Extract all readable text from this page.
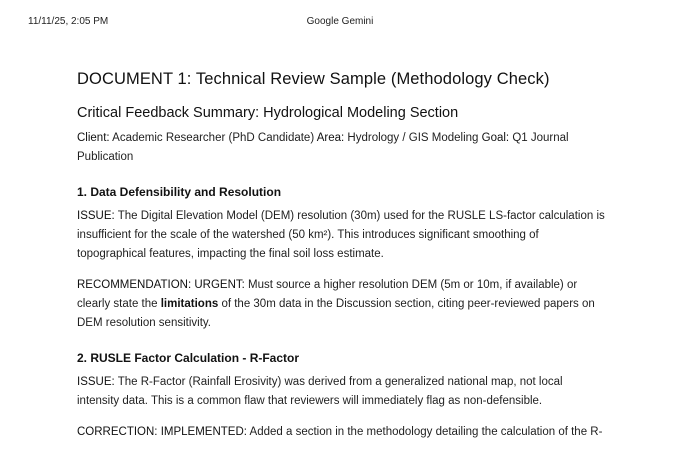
11/11/25, 2:05 PM	Google Gemini
DOCUMENT 1: Technical Review Sample (Methodology Check)
Critical Feedback Summary: Hydrological Modeling Section

Client: Academic Researcher (PhD Candidate) Area: Hydrology / GIS Modeling Goal: Q1 Journal Publication

1. Data Defensibility and Resolution

ISSUE: The Digital Elevation Model (DEM) resolution (30m) used for the RUSLE LS-factor calculation is insufficient for the scale of the watershed (50 km²). This introduces significant smoothing of topographical features, impacting the final soil loss estimate.

RECOMMENDATION: URGENT: Must source a higher resolution DEM (5m or 10m, if available) or clearly state the limitations of the 30m data in the Discussion section, citing peer-reviewed papers on DEM resolution sensitivity.

2. RUSLE Factor Calculation - R-Factor

ISSUE: The R-Factor (Rainfall Erosivity) was derived from a generalized national map, not local intensity data. This is a common flaw that reviewers will immediately flag as non-defensible.

CORRECTION: IMPLEMENTED: Added a section in the methodology detailing the calculation of the R-
